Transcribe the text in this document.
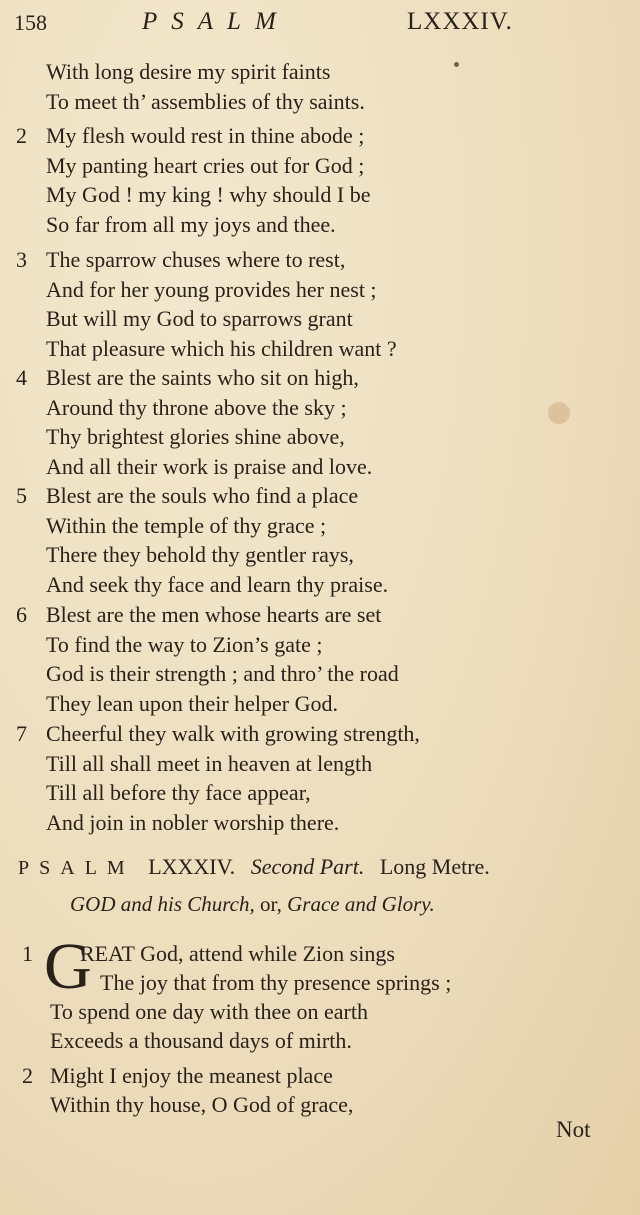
158	PSALM	LXXXIV.
With long desire my spirit faints
To meet th’ assemblies of thy saints.
2 My flesh would rest in thine abode ;
My panting heart cries out for God ;
My God ! my king ! why should I be
So far from all my joys and thee.
3 The sparrow chuses where to rest,
And for her young provides her nest ;
But will my God to sparrows grant
That pleasure which his children want ?
4 Blest are the saints who sit on high,
Around thy throne above the sky ;
Thy brightest glories shine above,
And all their work is praise and love.
5 Blest are the souls who find a place
Within the temple of thy grace ;
There they behold thy gentler rays,
And seek thy face and learn thy praise.
6 Blest are the men whose hearts are set
To find the way to Zion’s gate ;
God is their strength ; and thro’ the road
They lean upon their helper God.
7 Cheerful they walk with growing strength,
Till all shall meet in heaven at length
Till all before thy face appear,
And join in nobler worship there.
PSALM LXXXIV. Second Part. Long Metre.
GOD and his Church, or, Grace and Glory.
G
1 REAT God, attend while Zion sings
The joy that from thy presence springs ;
To spend one day with thee on earth
Exceeds a thousand days of mirth.
2 Might I enjoy the meanest place
Within thy house, O God of grace,
Not
